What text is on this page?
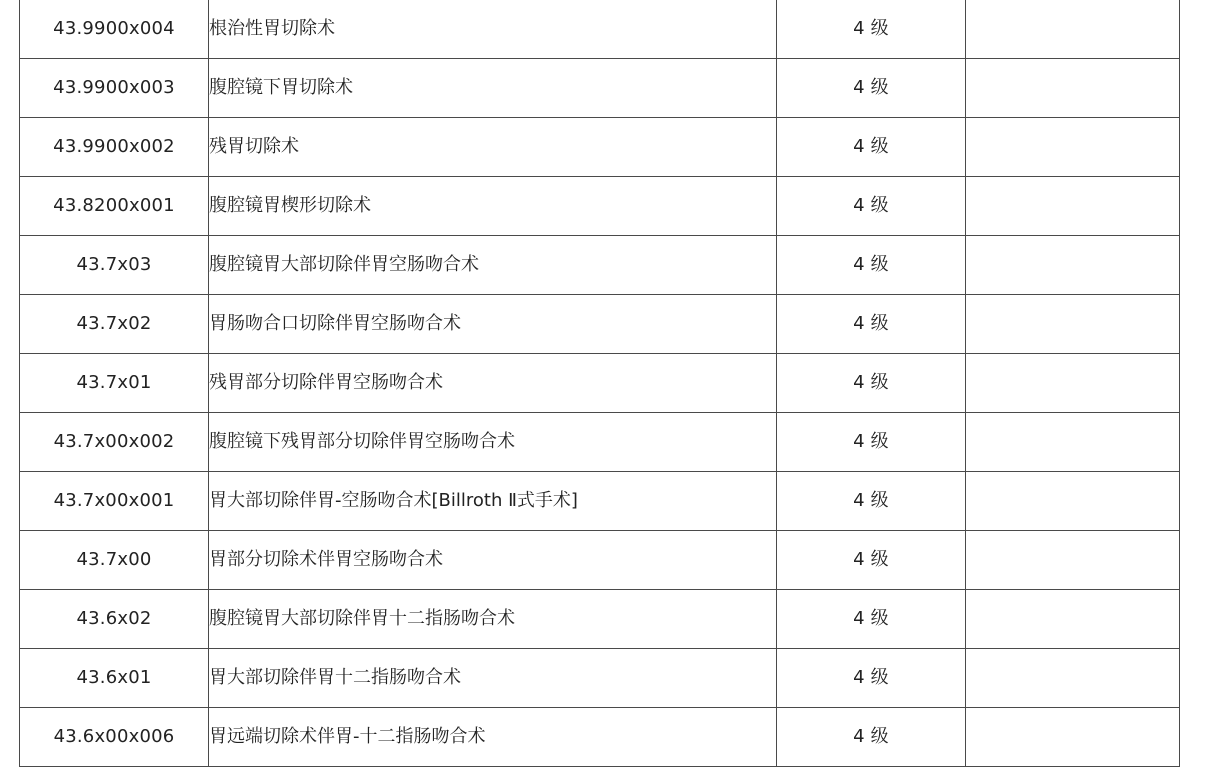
43.9900x004	根治性胃切除术	4 级	
43.9900x003	腹腔镜下胃切除术	4 级	
43.9900x002	残胃切除术	4 级	
43.8200x001	腹腔镜胃楔形切除术	4 级	
43.7x03	腹腔镜胃大部切除伴胃空肠吻合术	4 级	
43.7x02	胃肠吻合口切除伴胃空肠吻合术	4 级	
43.7x01	残胃部分切除伴胃空肠吻合术	4 级	
43.7x00x002	腹腔镜下残胃部分切除伴胃空肠吻合术	4 级	
43.7x00x001	胃大部切除伴胃-空肠吻合术[Billroth Ⅱ式手术]	4 级	
43.7x00	胃部分切除术伴胃空肠吻合术	4 级	
43.6x02	腹腔镜胃大部切除伴胃十二指肠吻合术	4 级	
43.6x01	胃大部切除伴胃十二指肠吻合术	4 级	
43.6x00x006	胃远端切除术伴胃-十二指肠吻合术	4 级	
